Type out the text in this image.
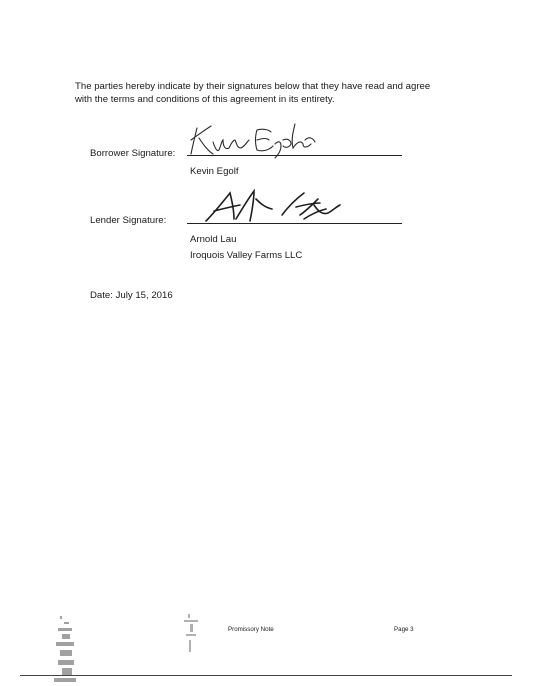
The parties hereby indicate by their signatures below that they have read and agree with the terms and conditions of this agreement in its entirety.

Borrower Signature:
Kevin Egolf
Lender Signature:
Arnold Lau
Iroquois Valley Farms LLC
Date: July 15, 2016
Promissory Note	Page 3
